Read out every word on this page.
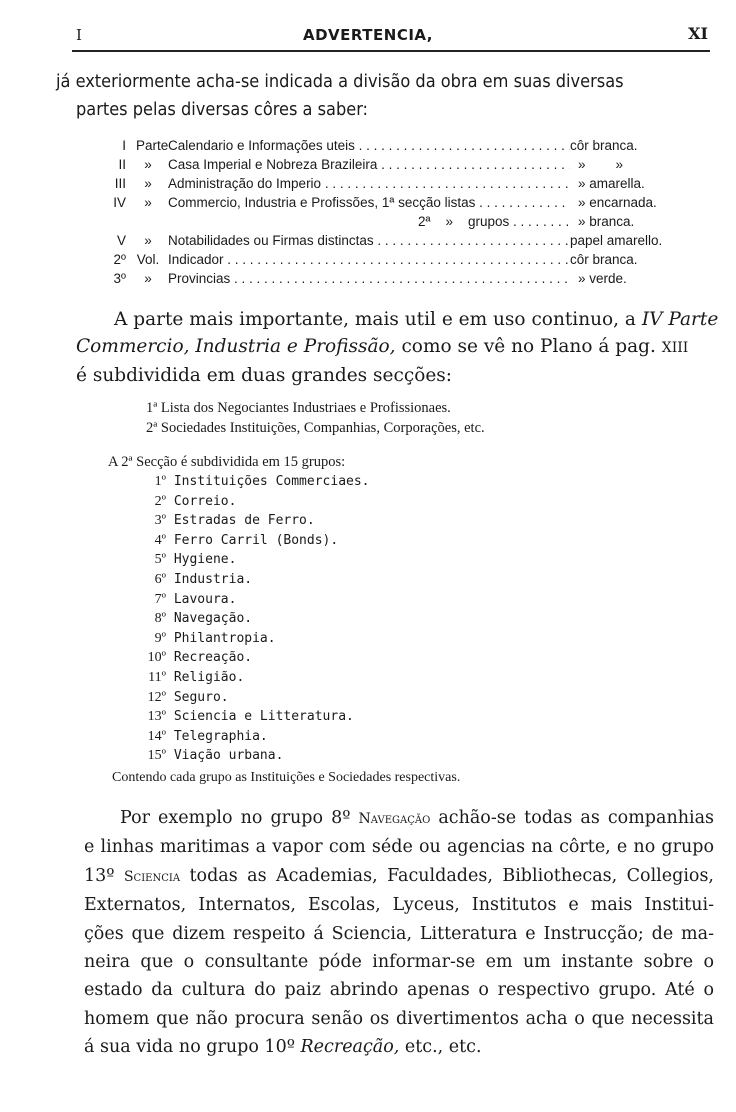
I	ADVERTENCIA,	XI
já exteriormente acha-se indicada a divisão da obra em suas diversas
partes pelas diversas côres a saber:
I Parte Calendario e Informações uteis . . .	côr branca.
II	»	Casa Imperial e Nobreza Brazileira . . .	»        »
III	»	Administração do Imperio . . .	» amarella.
IV	»	Commercio, Industria e Profissões, 1ª secção listas . . .	» encarnada.
2ª    »    grupos . . .	» branca.
V	»	Notabilidades ou Firmas distinctas . . .	papel amarello.
2º Vol. Indicador . . .	côr branca.
3º	»	Provincias . . .	» verde.
A parte mais importante, mais util e em uso continuo, a IV Parte
Commercio, Industria e Profissão, como se vê no Plano á pag. XIII
é subdividida em duas grandes secções:
1ª Lista dos Negociantes Industriaes e Profissionaes.
2ª Sociedades Instituições, Companhias, Corporações, etc.
A 2ª Secção é subdividida em 15 grupos:
1º Instituições Commerciaes.
2º Correio.
3º Estradas de Ferro.
4º Ferro Carril (Bonds).
5º Hygiene.
6º Industria.
7º Lavoura.
8º Navegação.
9º Philantropia.
10º Recreação.
11º Religião.
12º Seguro.
13º Sciencia e Litteratura.
14º Telegraphia.
15º Viação urbana.
Contendo cada grupo as Instituições e Sociedades respectivas.
Por exemplo no grupo 8º Navegação achão-se todas as companhias
e linhas maritimas a vapor com séde ou agencias na côrte, e no grupo
13º Sciencia todas as Academias, Faculdades, Bibliothecas, Collegios,
Externatos, Internatos, Escolas, Lyceus, Institutos e mais Institui-
ções que dizem respeito á Sciencia, Litteratura e Instrucção; de ma-
neira que o consultante póde informar-se em um instante sobre o
estado da cultura do paiz abrindo apenas o respectivo grupo. Até o
homem que não procura senão os divertimentos acha o que necessita
á sua vida no grupo 10º Recreação, etc., etc.
